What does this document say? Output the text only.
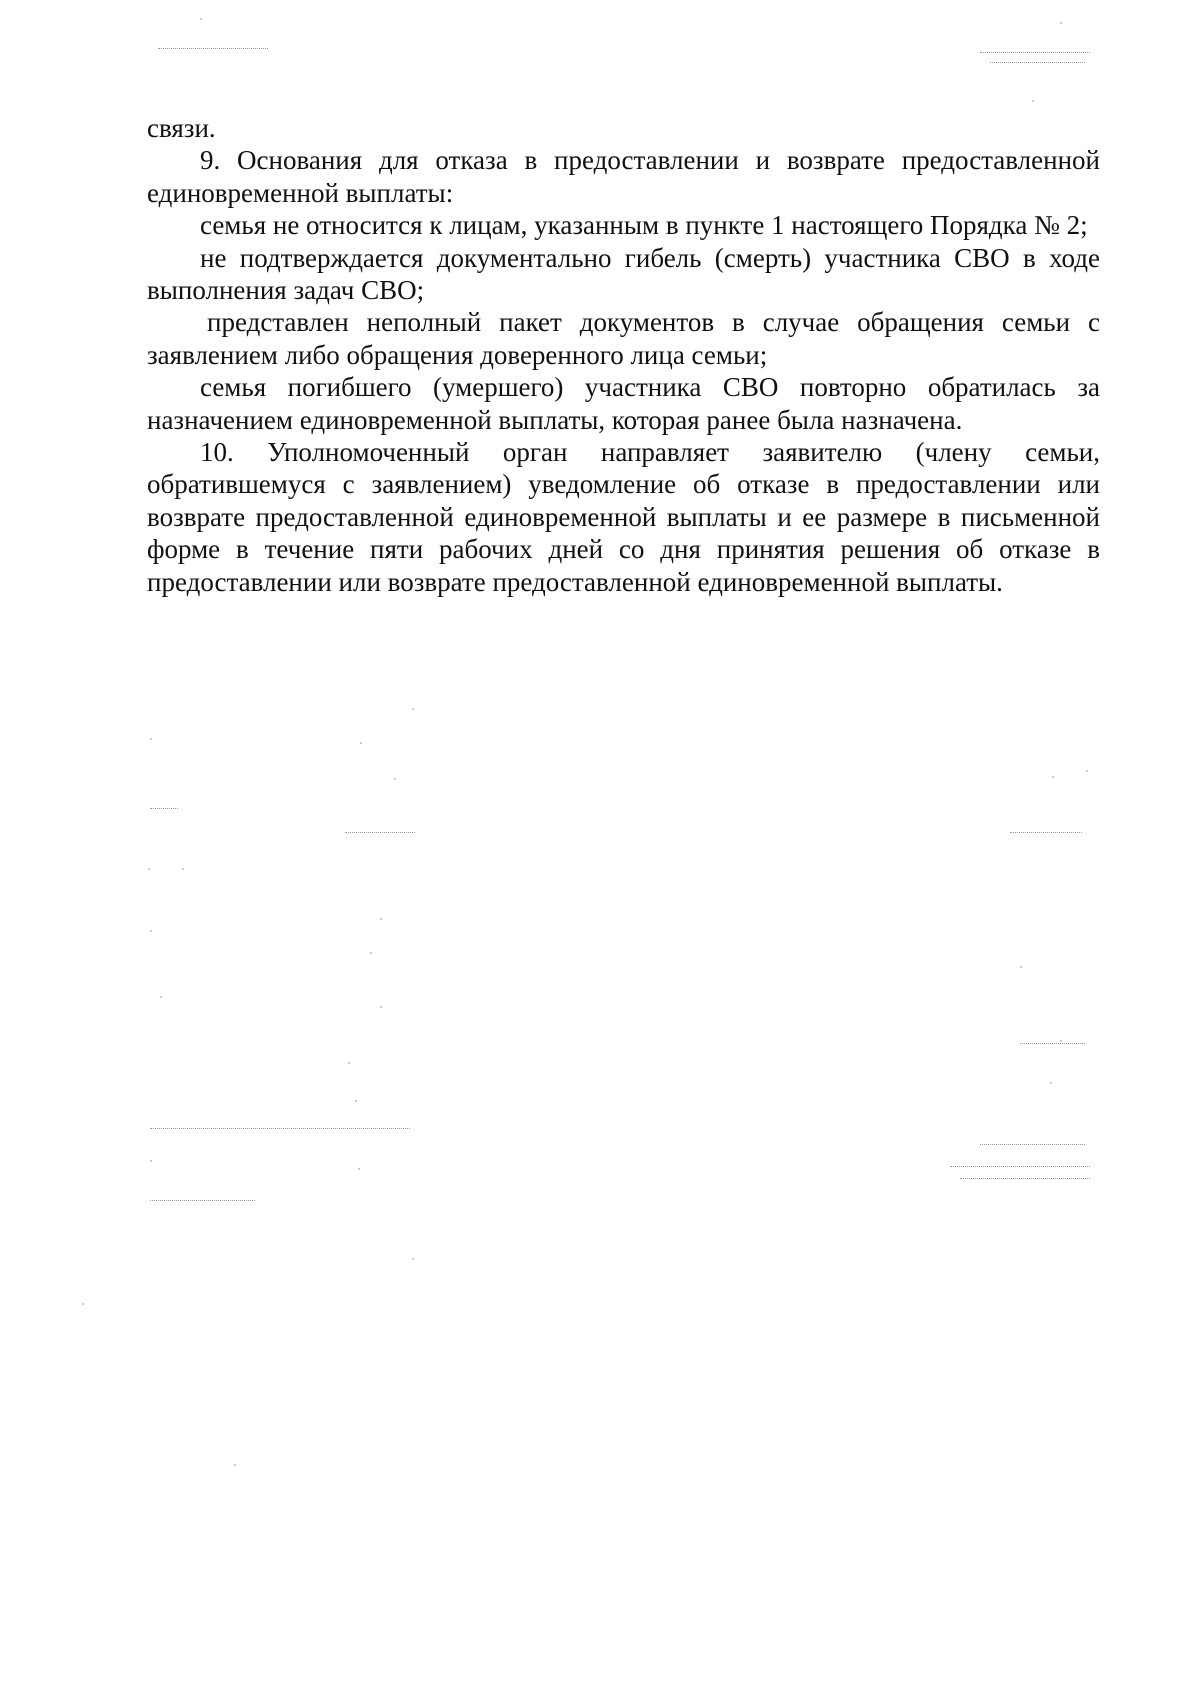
связи.

9. Основания для отказа в предоставлении и возврате предоставленной единовременной выплаты:

семья не относится к лицам, указанным в пункте 1 настоящего Порядка № 2;

не подтверждается документально гибель (смерть) участника СВО в ходе выполнения задач СВО;

представлен неполный пакет документов в случае обращения семьи с заявлением либо обращения доверенного лица семьи;

семья погибшего (умершего) участника СВО повторно обратилась за назначением единовременной выплаты, которая ранее была назначена.

10. Уполномоченный орган направляет заявителю (члену семьи, обратившемуся с заявлением) уведомление об отказе в предоставлении или возврате предоставленной единовременной выплаты и ее размере в письменной форме в течение пяти рабочих дней со дня принятия решения об отказе в предоставлении или возврате предоставленной единовременной выплаты.
